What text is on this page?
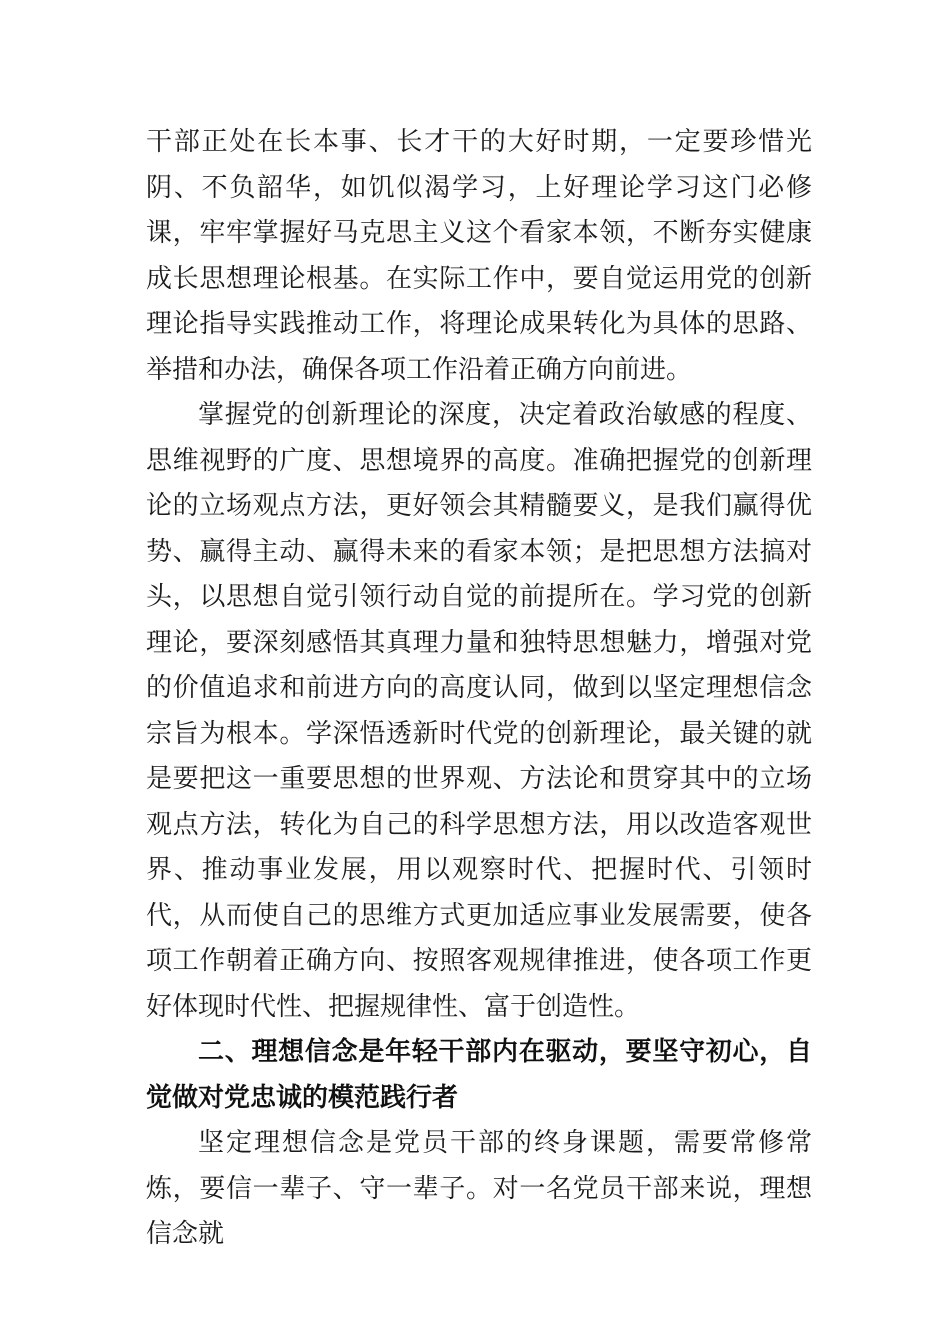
干部正处在长本事、长才干的大好时期，一定要珍惜光阴、不负韶华，如饥似渴学习，上好理论学习这门必修课，牢牢掌握好马克思主义这个看家本领，不断夯实健康成长思想理论根基。在实际工作中，要自觉运用党的创新理论指导实践推动工作，将理论成果转化为具体的思路、举措和办法，确保各项工作沿着正确方向前进。

掌握党的创新理论的深度，决定着政治敏感的程度、思维视野的广度、思想境界的高度。准确把握党的创新理论的立场观点方法，更好领会其精髓要义，是我们赢得优势、赢得主动、赢得未来的看家本领；是把思想方法搞对头，以思想自觉引领行动自觉的前提所在。学习党的创新理论，要深刻感悟其真理力量和独特思想魅力，增强对党的价值追求和前进方向的高度认同，做到以坚定理想信念宗旨为根本。学深悟透新时代党的创新理论，最关键的就是要把这一重要思想的世界观、方法论和贯穿其中的立场观点方法，转化为自己的科学思想方法，用以改造客观世界、推动事业发展，用以观察时代、把握时代、引领时代，从而使自己的思维方式更加适应事业发展需要，使各项工作朝着正确方向、按照客观规律推进，使各项工作更好体现时代性、把握规律性、富于创造性。

二、理想信念是年轻干部内在驱动，要坚守初心，自觉做对党忠诚的模范践行者

坚定理想信念是党员干部的终身课题，需要常修常炼，要信一辈子、守一辈子。对一名党员干部来说，理想信念就
